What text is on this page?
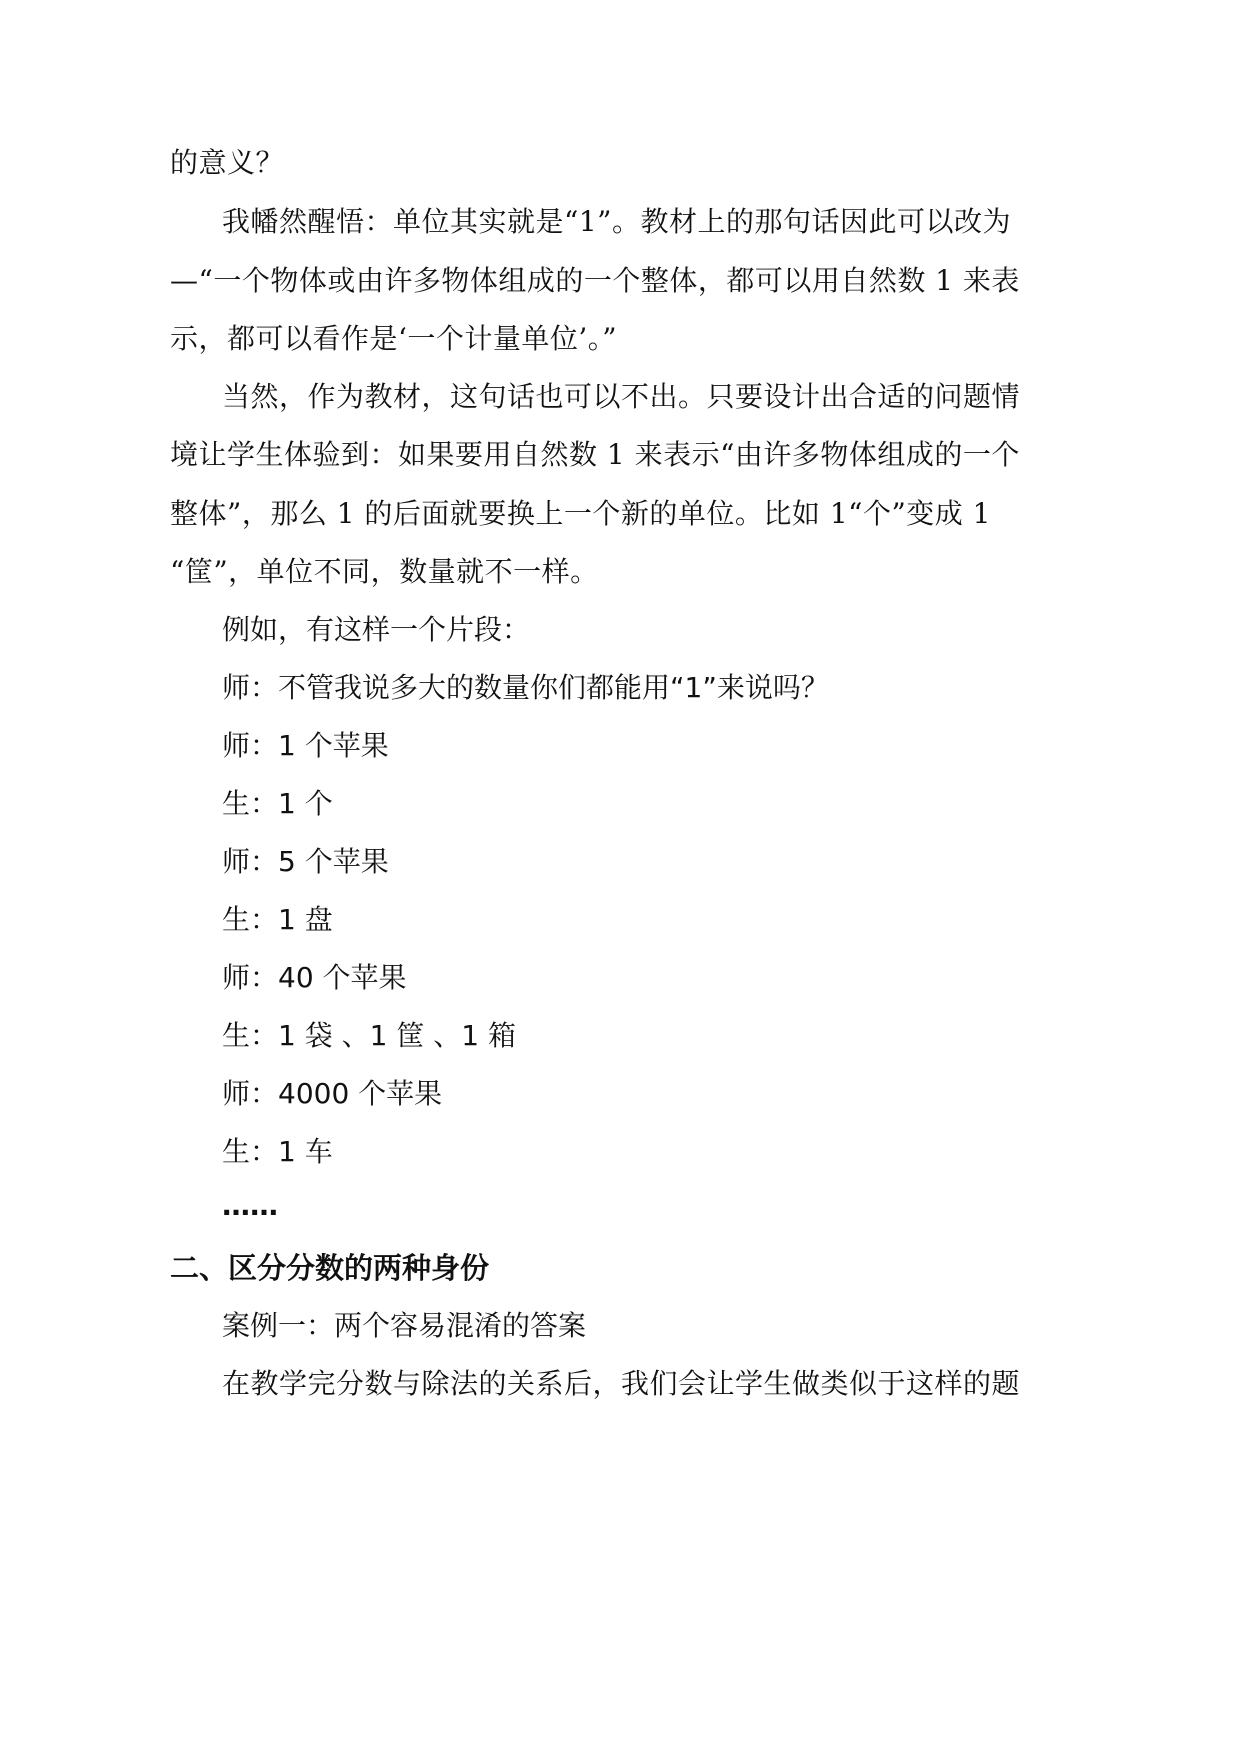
的意义？
我幡然醒悟：单位其实就是“1”。教材上的那句话因此可以改为
—“一个物体或由许多物体组成的一个整体，都可以用自然数 1 来表
示，都可以看作是‘一个计量单位’。”
当然，作为教材，这句话也可以不出。只要设计出合适的问题情
境让学生体验到：如果要用自然数 1 来表示“由许多物体组成的一个
整体”，那么 1 的后面就要换上一个新的单位。比如 1“个”变成 1
“筐”，单位不同，数量就不一样。
例如，有这样一个片段：
师：不管我说多大的数量你们都能用“1”来说吗？
师：1 个苹果
生：1 个
师：5 个苹果
生：1 盘
师：40 个苹果
生：1 袋 、1 筐 、1 箱
师：4000 个苹果
生：1 车
……
二、区分分数的两种身份
案例一：两个容易混淆的答案
在教学完分数与除法的关系后，我们会让学生做类似于这样的题
